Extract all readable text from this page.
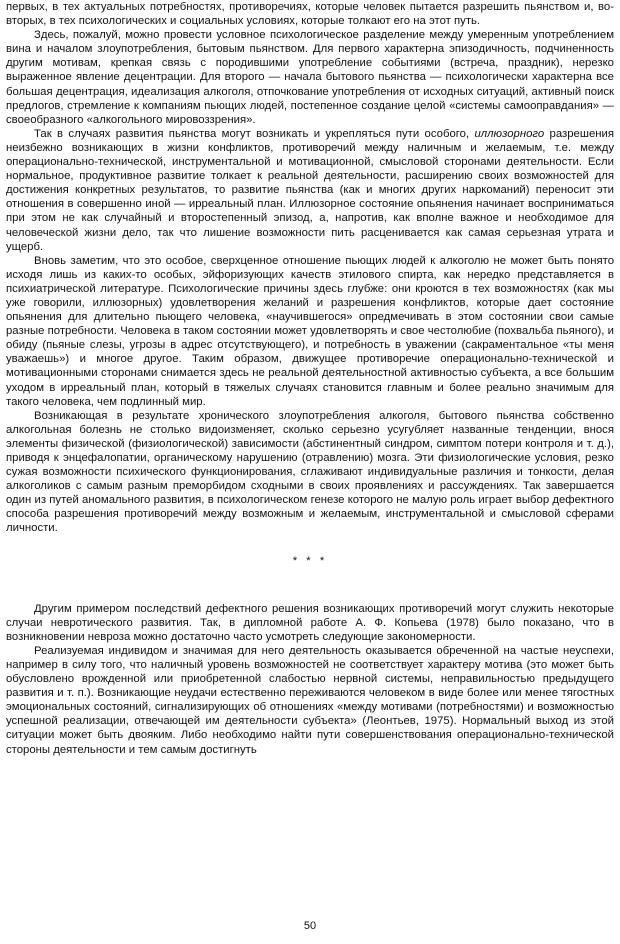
первых, в тех актуальных потребностях, противоречиях, которые человек пытается разрешить пьянством и, во-вторых, в тех психологических и социальных условиях, которые толкают его на этот путь.

Здесь, пожалуй, можно провести условное психологическое разделение между умеренным употреблением вина и началом злоупотребления, бытовым пьянством. Для первого характерна эпизодичность, подчиненность другим мотивам, крепкая связь с породившими употребление событиями (встреча, праздник), нерезко выраженное явление децентрации. Для второго — начала бытового пьянства — психологически характерна все большая децентрация, идеализация алкоголя, отпочкование употребления от исходных ситуаций, активный поиск предлогов, стремление к компаниям пьющих людей, постепенное создание целой «системы самооправдания» — своеобразного «алкогольного мировоззрения».

Так в случаях развития пьянства могут возникать и укрепляться пути особого, иллюзорного разрешения неизбежно возникающих в жизни конфликтов, противоречий между наличным и желаемым, т.е. между операционально-технической, инструментальной и мотивационной, смысловой сторонами деятельности. Если нормальное, продуктивное развитие толкает к реальной деятельности, расширению своих возможностей для достижения конкретных результатов, то развитие пьянства (как и многих других наркоманий) переносит эти отношения в совершенно иной — ирреальный план. Иллюзорное состояние опьянения начинает восприниматься при этом не как случайный и второстепенный эпизод, а, напротив, как вполне важное и необходимое для человеческой жизни дело, так что лишение возможности пить расценивается как самая серьезная утрата и ущерб.

Вновь заметим, что это особое, сверхценное отношение пьющих людей к алкоголю не может быть понято исходя лишь из каких-то особых, эйфоризующих качеств этилового спирта, как нередко представляется в психиатрической литературе. Психологические причины здесь глубже: они кроются в тех возможностях (как мы уже говорили, иллюзорных) удовлетворения желаний и разрешения конфликтов, которые дает состояние опьянения для длительно пьющего человека, «научившегося» опредмечивать в этом состоянии свои самые разные потребности. Человека в таком состоянии может удовлетворять и свое честолюбие (похвальба пьяного), и обиду (пьяные слезы, угрозы в адрес отсутствующего), и потребность в уважении (сакраментальное «ты меня уважаешь») и многое другое. Таким образом, движущее противоречие операционально-технической и мотивационными сторонами снимается здесь не реальной деятельностной активностью субъекта, а все большим уходом в ирреальный план, который в тяжелых случаях становится главным и более реально значимым для такого человека, чем подлинный мир.

Возникающая в результате хронического злоупотребления алкоголя, бытового пьянства собственно алкогольная болезнь не столько видоизменяет, сколько серьезно усугубляет названные тенденции, внося элементы физической (физиологической) зависимости (абстинентный синдром, симптом потери контроля и т. д.), приводя к энцефалопатии, органическому нарушению (отравлению) мозга. Эти физиологические условия, резко сужая возможности психического функционирования, сглаживают индивидуальные различия и тонкости, делая алкоголиков с самым разным преморбидом сходными в своих проявлениях и рассуждениях. Так завершается один из путей аномального развития, в психологическом генезе которого не малую роль играет выбор дефектного способа разрешения противоречий между возможным и желаемым, инструментальной и смысловой сферами личности.

* * *

Другим примером последствий дефектного решения возникающих противоречий могут служить некоторые случаи невротического развития. Так, в дипломной работе А. Ф. Копьева (1978) было показано, что в возникновении невроза можно достаточно часто усмотреть следующие закономерности.

Реализуемая индивидом и значимая для него деятельность оказывается обреченной на частые неуспехи, например в силу того, что наличный уровень возможностей не соответствует характеру мотива (это может быть обусловлено врожденной или приобретенной слабостью нервной системы, неправильностью предыдущего развития и т. п.). Возникающие неудачи естественно переживаются человеком в виде более или менее тягостных эмоциональных состояний, сигнализирующих об отношениях «между мотивами (потребностями) и возможностью успешной реализации, отвечающей им деятельности субъекта» (Леонтьев, 1975). Нормальный выход из этой ситуации может быть двояким. Либо необходимо найти пути совершенствования операционально-технической стороны деятельности и тем самым достигнуть

50
